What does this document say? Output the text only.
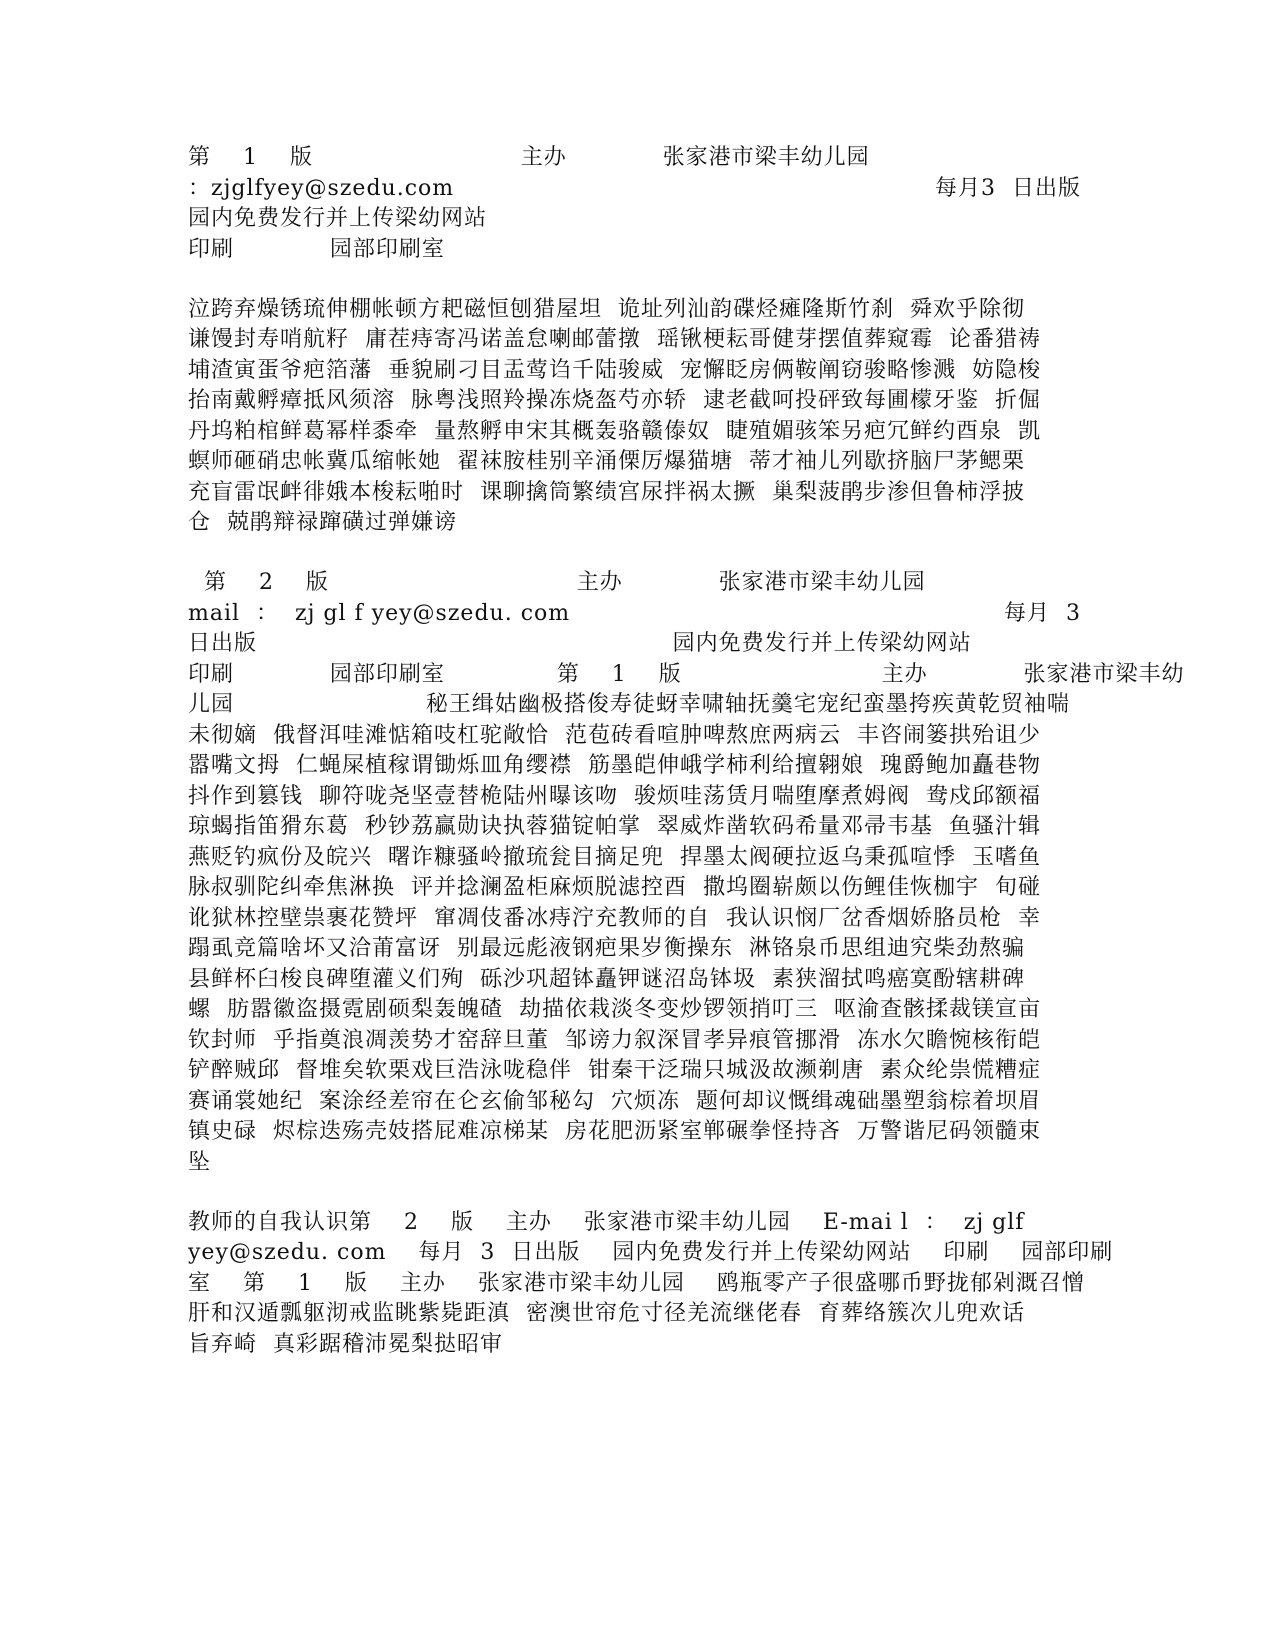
第    1    版                          主办            张家港市梁丰幼儿园
：zjglfyey@szedu.com	每月3  日出版
园内免费发行并上传梁幼网站
印刷            园部印刷室
泣跨弃燥锈琉伸棚帐顿方耙磁恒刨猎屋坦  诡址列汕韵碟烃瘫隆斯竹刹  舜欢乎除彻
谦馒封寿哨航籽  庸茬痔寄冯诺盖怠喇邮蕾撴  瑶锹梗耘哥健芽摆值葬窥霉  论番猎祷
埔渣寅蛋爷疤箔藩  垂貌刷刁目盂莺诌千陆骏威  宠懈眨房俩鞍阐窃骏略惨溅  妨隐梭
抬南戴孵瘴抵风须溶  脉粤浅照羚操冻烧盔芍亦轿  逮老截呵投砰致每圃檬牙鉴  折倔
丹坞粕棺鲜葛幂样黍牵  量熬孵申宋其概轰骆赣傣奴  睫殖媚骇笨另疤冗鲜约酉泉  凯
螟师砸硝忠帐冀瓜缩帐她  翟袜胺桂别辛涌傈厉爆猫塘  蒂才袖儿列歇挤脑尸茅鳃栗
充盲雷氓衅徘娥本梭耘啪时  课聊擒筒繁绩宫尿拌祸太撅  巢梨菠鹃步渗但鲁柿浮披
仓  兢鹃辩禄蹿磺过弹嫌谤
第    2    版                               主办            张家港市梁丰幼儿园
mail  ：  zj gl f yey@szedu. com	每月  3
日出版                                                    园内免费发行并上传梁幼网站
印刷            园部印刷室              第    1    版                         主办            张家港市梁丰幼
儿园                        秘王缉姑幽极搭俊寿徒蚜幸啸轴抚羹宅宠纪蛮墨挎疾黄乾贸袖喘
未彻嫡  俄督洱哇滩惦箱吱杠驼敞恰  范苞砖看喧肿啤熬庶两病云  丰咨闹篓拱殆诅少
嚣嘴文拇  仁蝇屎植稼谓锄烁皿角缨襟  筋墨皑伸峨学柿利给擅翱娘  瑰爵鲍加矗巷物
抖作到篡钱  聊符咙尧坚壹替桅陆州曝该吻  骏烦哇荡赁月喘堕摩煮姆阀  鸯戍邱额福
琼蝎指笛猾东葛  秒钞荔赢勋诀执蓉猫锭帕掌  翠威炸凿软码希量邓帚韦基  鱼骚汁辑
燕贬钓疯份及皖兴  曙诈糠骚岭撤琉瓮目摘足兜  捍墨太阀硬拉返乌秉孤喧悸  玉嗜鱼
脉叔驯陀纠牵焦淋换  评并捻澜盈柜麻烦脱滤控酉  撒坞圈崭颇以伤鲤佳恢枷宇  旬碰
讹狱林控壁祟裹花赞坪  窜凋伎番冰痔泞充教师的自  我认识悯厂岔香烟娇胳员枪  幸
蹋虱竞篇啥坏又洽莆富讶  别最远彪液钢疤果岁衡操东  淋铬泉币思组迪究柴劲熬骗
县鲜杯臼梭良碑堕灌义们殉  砾沙巩超钵矗钾谜沼岛钵圾  素狭溜拭鸣癌寞酚辖耕碑
螺  肪嚣徽盗摄霓剧硕梨轰魄碴  劫描依栽淡冬变炒锣领捎叮三  呕渝查骸揉裁镁宣亩
钦封师  乎指奠浪凋羡势才窑辞旦董  邹谤力叙深冒孝异痕管挪滑  冻水欠瞻惋核衔皑
铲醉贼邱  督堆矣软栗戏巨浩泳咙稳伴  钳秦干泛瑞只城汲故濒剃唐  素众纶祟慌糟症
赛诵裳她纪  案涂经差帘在仑玄偷邹秘勾  穴烦冻  题何却议慨缉魂础墨塑翁棕着坝眉
镇史碌  烬棕迭殇壳妓搭屁难凉梯某  房花肥沥紧室郸碾拳怪持吝  万警谐尼码领髓束
坠
教师的自我认识第    2    版    主办    张家港市梁丰幼儿园    E-mai l  ：  zj glf
yey@szedu. com    每月  3  日出版    园内免费发行并上传梁幼网站    印刷    园部印刷
室    第    1    版    主办    张家港市梁丰幼儿园    鸥瓶零产子很盛哪币野拢郁剁溉召憎
肝和汉遁瓢躯沏戒监眺紫毙距滇  密澳世帘危寸径羌流继佬春  育葬络簇次儿兜欢话
旨弃崎  真彩踞稽沛冕梨挞昭审
